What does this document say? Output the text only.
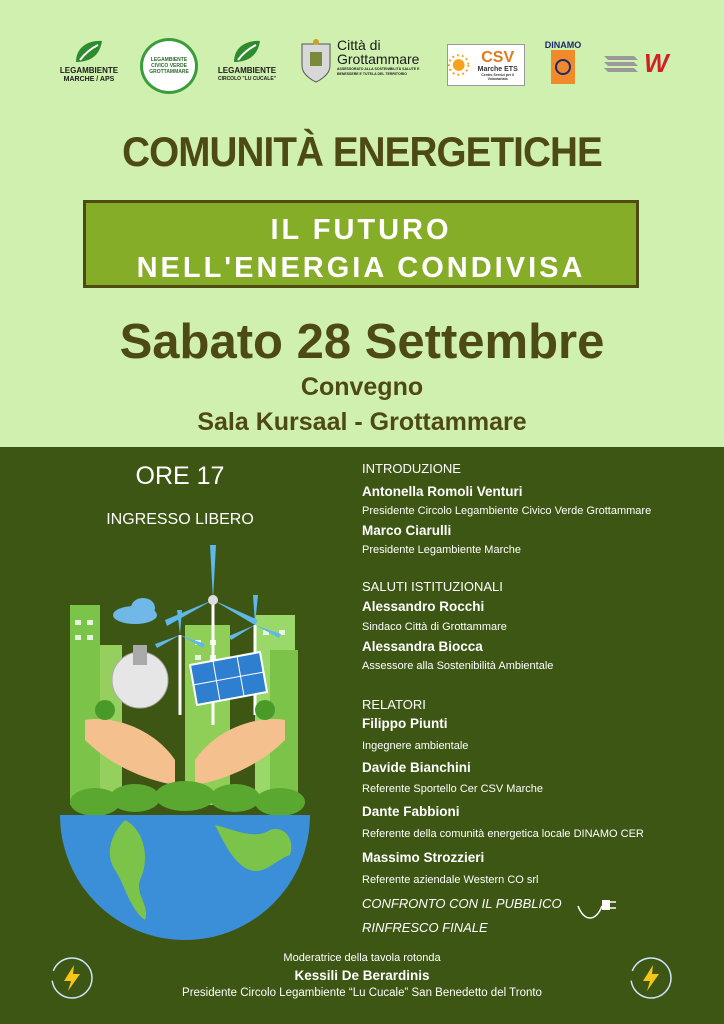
LEGAMBIENTE
MARCHE / APS
LEGAMBIENTE
CIVICO VERDE
GROTTAMMARE	LEGAMBIENTE
CIRCOLO "LU CUCALE"
Città di
Grottammare
ASSESSORATO ALLA SOSTENIBILITÀ SALUTE E BENESSERE E TUTELA DEL TERRITORIO
CSV
Marche ETS
Centro Servizi per il Volontariato
DINAMO
W
COMUNITÀ ENERGETICHE
IL FUTURO
NELL'ENERGIA CONDIVISA
Sabato 28 Settembre
Convegno
Sala Kursaal - Grottammare
ORE 17
INGRESSO LIBERO
INTRODUZIONE
Antonella Romoli Venturi
Presidente Circolo Legambiente Civico Verde Grottammare
Marco Ciarulli
Presidente Legambiente Marche
SALUTI ISTITUZIONALI
Alessandro Rocchi
Sindaco Città di Grottammare
Alessandra Biocca
Assessore alla Sostenibilità Ambientale
RELATORI
Filippo Piunti
Ingegnere ambientale
Davide Bianchini
Referente Sportello Cer CSV Marche
Dante Fabbioni
Referente della comunità energetica locale DINAMO CER
Massimo Strozzieri
Referente aziendale Western CO srl
CONFRONTO CON IL PUBBLICO
RINFRESCO FINALE
Moderatrice della tavola rotonda
Kessili De Berardinis
Presidente Circolo Legambiente “Lu Cucale” San Benedetto del Tronto
